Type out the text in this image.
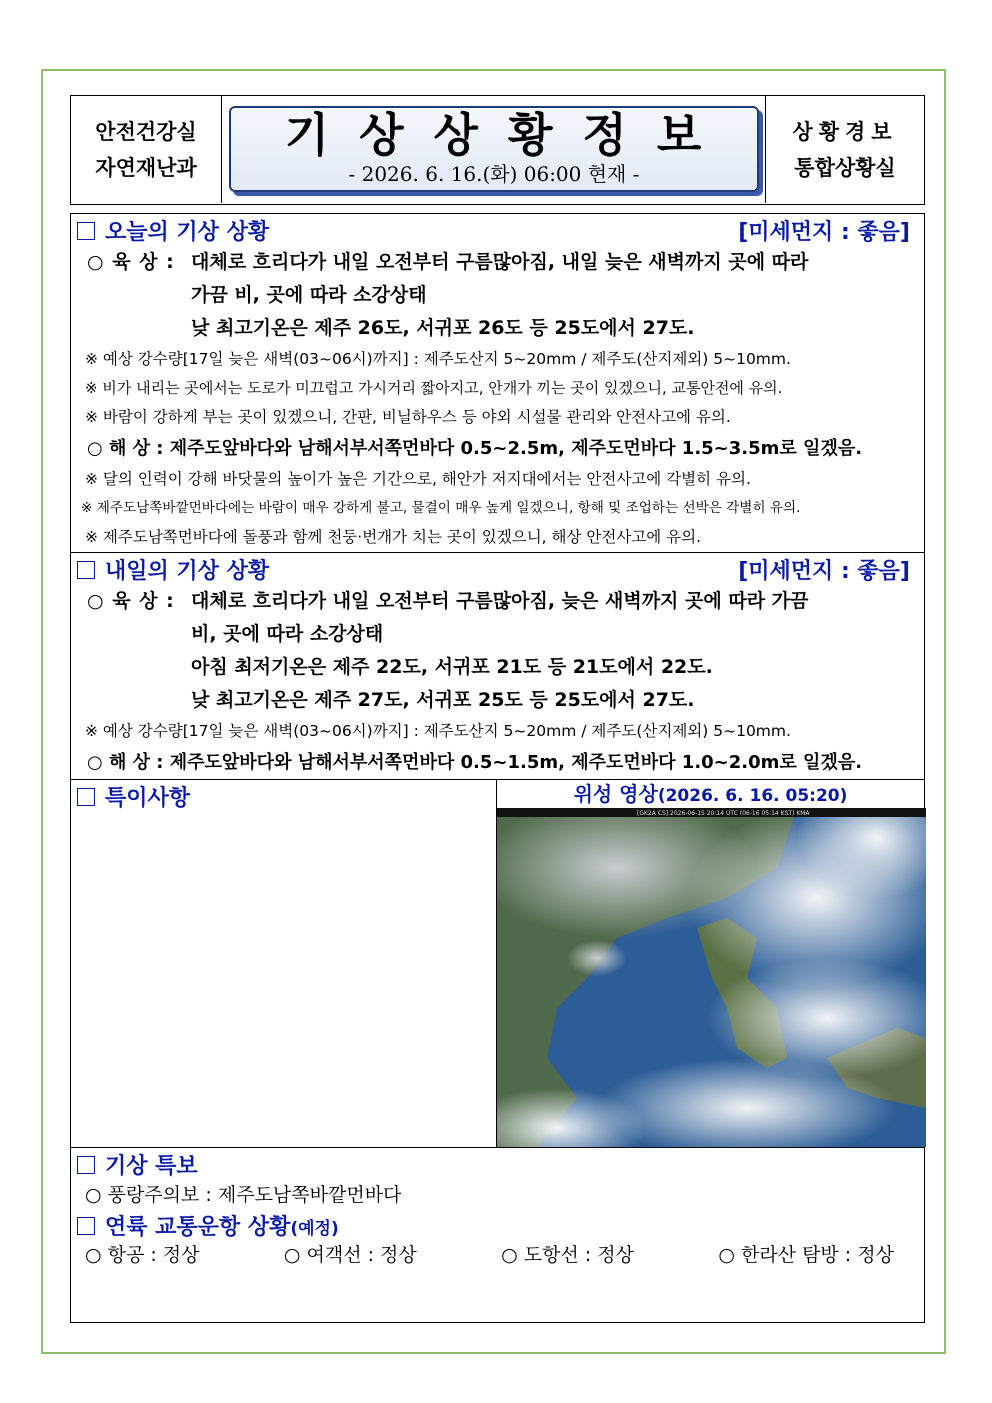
안전건강실
자연재난과
기상상황정보
- 2026. 6. 16.(화) 06:00 현재 -
상황경보
통합상황실
오늘의 기상 상황	[미세먼지 : 좋음]
○ 육 상 : 대체로 흐리다가 내일 오전부터 구름많아짐, 내일 늦은 새벽까지 곳에 따라
가끔 비, 곳에 따라 소강상태
낮 최고기온은 제주 26도, 서귀포 26도 등 25도에서 27도.
※ 예상 강수량[17일 늦은 새벽(03~06시)까지] : 제주도산지 5~20mm / 제주도(산지제외) 5~10mm.
※ 비가 내리는 곳에서는 도로가 미끄럽고 가시거리 짧아지고, 안개가 끼는 곳이 있겠으니, 교통안전에 유의.
※ 바람이 강하게 부는 곳이 있겠으니, 간판, 비닐하우스 등 야외 시설물 관리와 안전사고에 유의.
○ 해 상 : 제주도앞바다와 남해서부서쪽먼바다 0.5~2.5m, 제주도먼바다 1.5~3.5m로 일겠음.
※ 달의 인력이 강해 바닷물의 높이가 높은 기간으로, 해안가 저지대에서는 안전사고에 각별히 유의.
※ 제주도남쪽바깥먼바다에는 바람이 매우 강하게 불고, 물결이 매우 높게 일겠으니, 항해 및 조업하는 선박은 각별히 유의.
※ 제주도남쪽먼바다에 돌풍과 함께 천둥·번개가 치는 곳이 있겠으니, 해상 안전사고에 유의.
내일의 기상 상황	[미세먼지 : 좋음]
○ 육 상 : 대체로 흐리다가 내일 오전부터 구름많아짐, 늦은 새벽까지 곳에 따라 가끔
비, 곳에 따라 소강상태
아침 최저기온은 제주 22도, 서귀포 21도 등 21도에서 22도.
낮 최고기온은 제주 27도, 서귀포 25도 등 25도에서 27도.
※ 예상 강수량[17일 늦은 새벽(03~06시)까지] : 제주도산지 5~20mm / 제주도(산지제외) 5~10mm.
○ 해 상 : 제주도앞바다와 남해서부서쪽먼바다 0.5~1.5m, 제주도먼바다 1.0~2.0m로 일겠음.
특이사항	위성 영상(2026. 6. 16. 05:20)
[GK2A CS] 2026-06-15 20:14 UTC (06-16 05:14 KST) KMA
기상 특보
○ 풍랑주의보 : 제주도남쪽바깥먼바다
연륙 교통운항 상황(예정)
○ 항공 : 정상	○ 여객선 : 정상	○ 도항선 : 정상	○ 한라산 탐방 : 정상
